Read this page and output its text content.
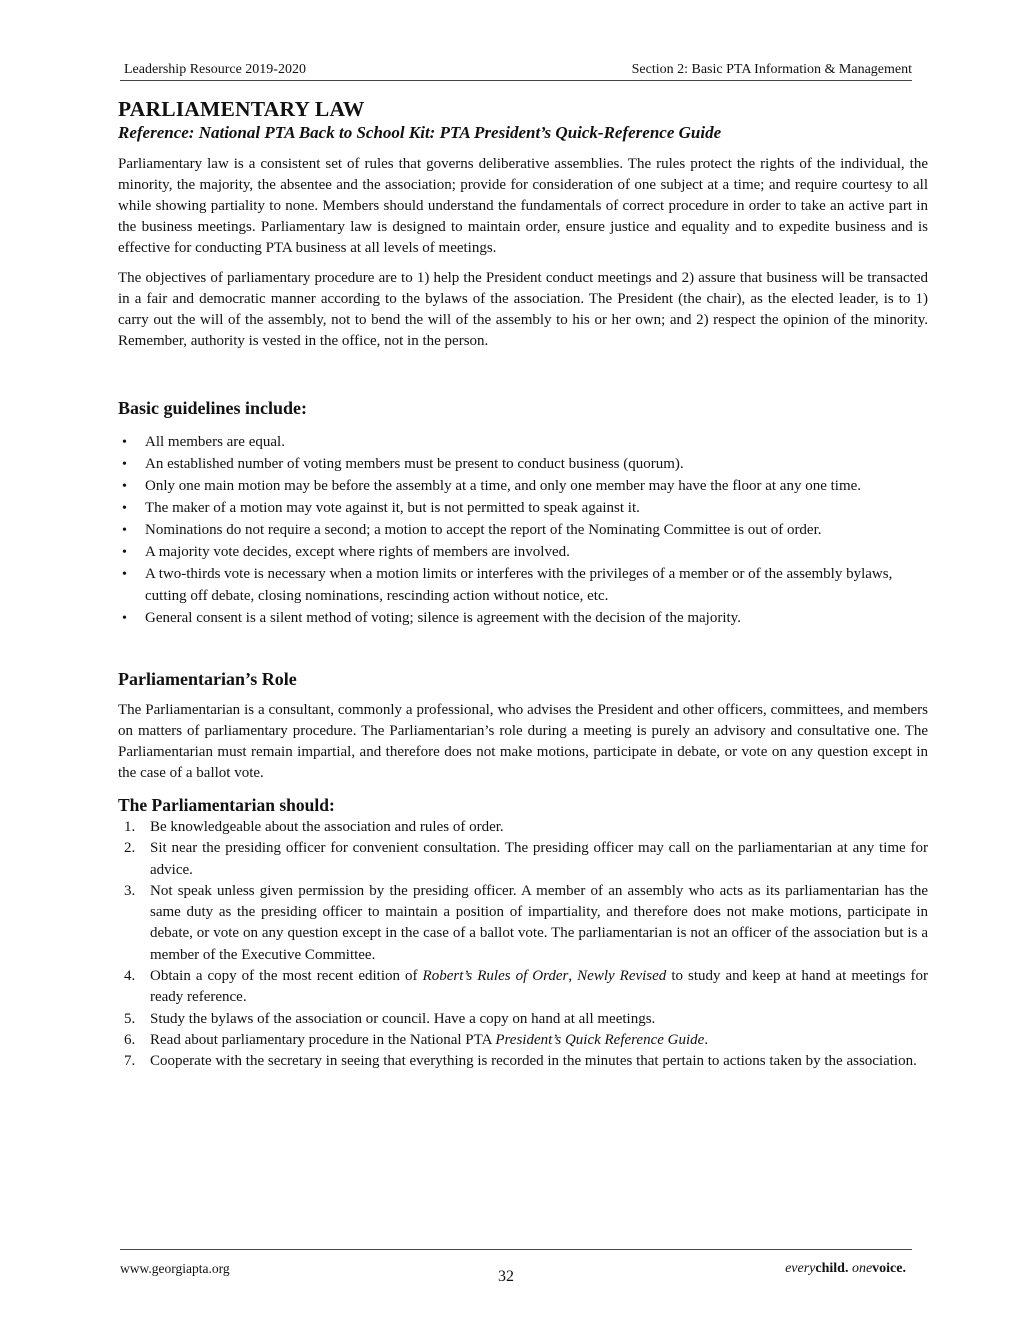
Leadership Resource 2019-2020	Section 2: Basic PTA Information & Management
PARLIAMENTARY LAW
Reference: National PTA Back to School Kit: PTA President’s Quick-Reference Guide

Parliamentary law is a consistent set of rules that governs deliberative assemblies. The rules protect the rights of the individual, the minority, the majority, the absentee and the association; provide for consideration of one subject at a time; and require courtesy to all while showing partiality to none. Members should understand the fundamentals of correct procedure in order to take an active part in the business meetings. Parliamentary law is designed to maintain order, ensure justice and equality and to expedite business and is effective for conducting PTA business at all levels of meetings.

The objectives of parliamentary procedure are to 1) help the President conduct meetings and 2) assure that business will be transacted in a fair and democratic manner according to the bylaws of the association. The President (the chair), as the elected leader, is to 1) carry out the will of the assembly, not to bend the will of the assembly to his or her own; and 2) respect the opinion of the minority. Remember, authority is vested in the office, not in the person.

Basic guidelines include:
• All members are equal.
• An established number of voting members must be present to conduct business (quorum).
• Only one main motion may be before the assembly at a time, and only one member may have the floor at any one time.
• The maker of a motion may vote against it, but is not permitted to speak against it.
• Nominations do not require a second; a motion to accept the report of the Nominating Committee is out of order.
• A majority vote decides, except where rights of members are involved.
• A two-thirds vote is necessary when a motion limits or interferes with the privileges of a member or of the assembly bylaws, cutting off debate, closing nominations, rescinding action without notice, etc.
• General consent is a silent method of voting; silence is agreement with the decision of the majority.
Parliamentarian’s Role

The Parliamentarian is a consultant, commonly a professional, who advises the President and other officers, committees, and members on matters of parliamentary procedure. The Parliamentarian’s role during a meeting is purely an advisory and consultative one. The Parliamentarian must remain impartial, and therefore does not make motions, participate in debate, or vote on any question except in the case of a ballot vote.

The Parliamentarian should:
1. Be knowledgeable about the association and rules of order.
2. Sit near the presiding officer for convenient consultation. The presiding officer may call on the parliamentarian at any time for advice.
3. Not speak unless given permission by the presiding officer. A member of an assembly who acts as its parliamentarian has the same duty as the presiding officer to maintain a position of impartiality, and therefore does not make motions, participate in debate, or vote on any question except in the case of a ballot vote. The parliamentarian is not an officer of the association but is a member of the Executive Committee.
4. Obtain a copy of the most recent edition of Robert’s Rules of Order, Newly Revised to study and keep at hand at meetings for ready reference.
5. Study the bylaws of the association or council. Have a copy on hand at all meetings.
6. Read about parliamentary procedure in the National PTA President’s Quick Reference Guide.
7. Cooperate with the secretary in seeing that everything is recorded in the minutes that pertain to actions taken by the association.
www.georgiapta.org	32	everychild. onevoice.
